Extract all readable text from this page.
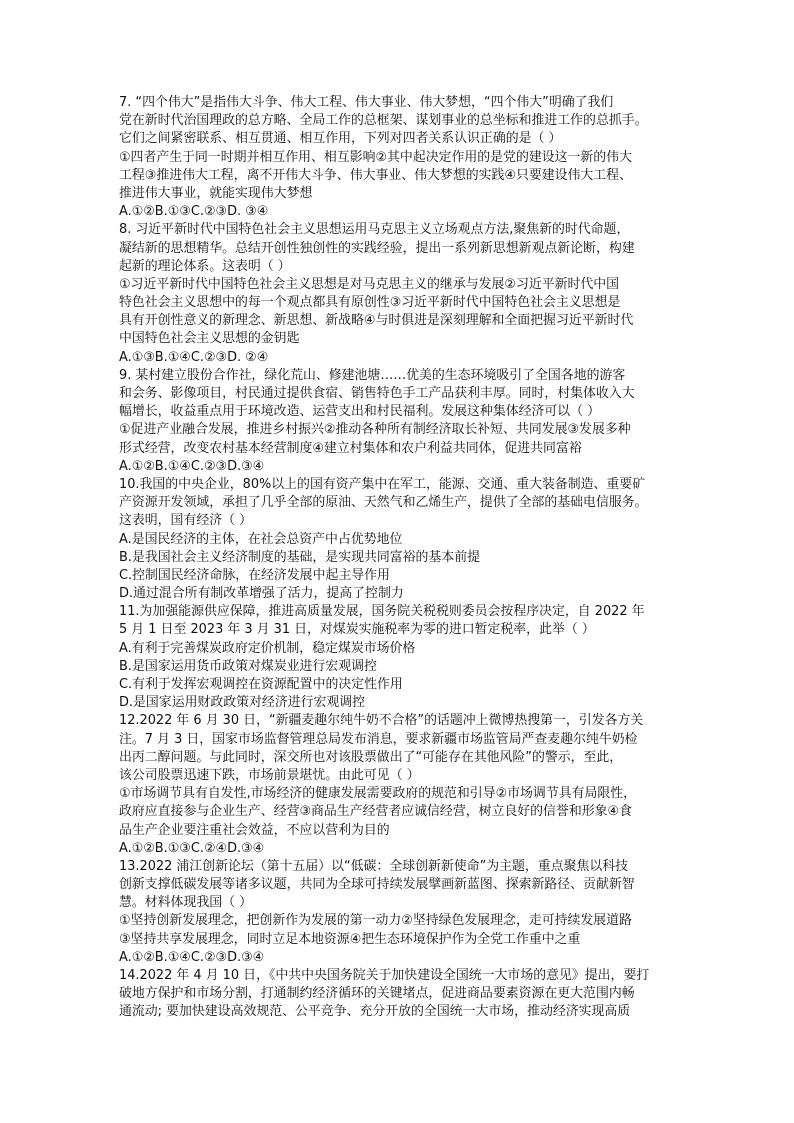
7. “四个伟大”是指伟大斗争、伟大工程、伟大事业、伟大梦想，“四个伟大”明确了我们
党在新时代治国理政的总方略、全局工作的总框架、谋划事业的总坐标和推进工作的总抓手。
它们之间紧密联系、相互贯通、相互作用，下列对四者关系认识正确的是（ ）
①四者产生于同一时期并相互作用、相互影响②其中起决定作用的是党的建设这一新的伟大
工程③推进伟大工程，离不开伟大斗争、伟大事业、伟大梦想的实践④只要建设伟大工程、
推进伟大事业，就能实现伟大梦想
A.①②B.①③C.②③D. ③④
8. 习近平新时代中国特色社会主义思想运用马克思主义立场观点方法,聚焦新的时代命题，
凝结新的思想精华。总结开创性独创性的实践经验，提出一系列新思想新观点新论断，构建
起新的理论体系。这表明（ ）
①习近平新时代中国特色社会主义思想是对马克思主义的继承与发展②习近平新时代中国
特色社会主义思想中的每一个观点都具有原创性③习近平新时代中国特色社会主义思想是
具有开创性意义的新理念、新思想、新战略④与时俱进是深刻理解和全面把握习近平新时代
中国特色社会主义思想的金钥匙
A.①③B.①④C.②③D. ②④
9. 某村建立股份合作社，绿化荒山、修建池塘……优美的生态环境吸引了全国各地的游客
和会务、影像项目，村民通过提供食宿、销售特色手工产品获利丰厚。同时，村集体收入大
幅增长，收益重点用于环境改造、运营支出和村民福利。发展这种集体经济可以（ ）
①促进产业融合发展，推进乡村振兴②推动各种所有制经济取长补短、共同发展③发展多种
形式经营，改变农村基本经营制度④建立村集体和农户利益共同体，促进共同富裕
A.①②B.①④C.②③D.③④
10.我国的中央企业，80%以上的国有资产集中在军工，能源、交通、重大装备制造、重要矿
产资源开发领域，承担了几乎全部的原油、天然气和乙烯生产，提供了全部的基础电信服务。
这表明，国有经济（ ）
A.是国民经济的主体，在社会总资产中占优势地位
B.是我国社会主义经济制度的基础，是实现共同富裕的基本前提
C.控制国民经济命脉，在经济发展中起主导作用
D.通过混合所有制改革增强了活力，提高了控制力
11.为加强能源供应保障，推进高质量发展，国务院关税税则委员会按程序决定，自 2022 年
5 月 1 日至 2023 年 3 月 31 日，对煤炭实施税率为零的进口暂定税率，此举（ ）
A.有利于完善煤炭政府定价机制，稳定煤炭市场价格
B.是国家运用货币政策对煤炭业进行宏观调控
C.有利于发挥宏观调控在资源配置中的决定性作用
D.是国家运用财政政策对经济进行宏观调控
12.2022 年 6 月 30 日，“新疆麦趣尔纯牛奶不合格”的话题冲上微博热搜第一，引发各方关
注。7 月 3 日，国家市场监督管理总局发布消息，要求新疆市场监管局严查麦趣尔纯牛奶检
出丙二醇问题。与此同时，深交所也对该股票做出了“可能存在其他风险”的警示，至此，
该公司股票迅速下跌，市场前景堪忧。由此可见（ ）
①市场调节具有自发性,市场经济的健康发展需要政府的规范和引导②市场调节具有局限性，
政府应直接参与企业生产、经营③商品生产经营者应诚信经营，树立良好的信誉和形象④食
品生产企业要注重社会效益，不应以营利为目的
A.①②B.①③C.②④D.③④
13.2022 浦江创新论坛（第十五届）以“低碳：全球创新新使命”为主题，重点聚焦以科技
创新支撑低碳发展等诸多议题，共同为全球可持续发展擘画新蓝图、探索新路径、贡献新智
慧。材料体现我国（ ）
①坚持创新发展理念，把创新作为发展的第一动力②坚持绿色发展理念，走可持续发展道路
③坚持共享发展理念，同时立足本地资源④把生态环境保护作为全党工作重中之重
A.①②B.①④C.②③D.③④
14.2022 年 4 月 10 日，《中共中央国务院关于加快建设全国统一大市场的意见》提出，要打
破地方保护和市场分割，打通制约经济循环的关键堵点，促进商品要素资源在更大范围内畅
通流动; 要加快建设高效规范、公平竞争、充分开放的全国统一大市场，推动经济实现高质
